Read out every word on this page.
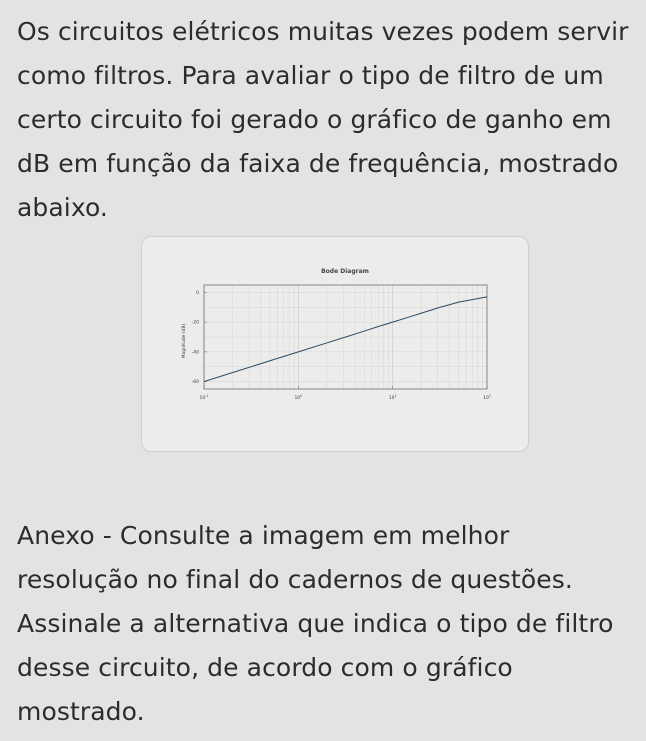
Os circuitos elétricos muitas vezes podem servir
como filtros. Para avaliar o tipo de filtro de um
certo circuito foi gerado o gráfico de ganho em
dB em função da faixa de frequência, mostrado
abaixo.

Bode Diagram
Magnitude (dB)
0
-20
-40
-60
$10^{-1}$	$10^0$	$10^1$	$10^2$

Anexo - Consulte a imagem em melhor
resolução no final do cadernos de questões.
Assinale a alternativa que indica o tipo de filtro
desse circuito, de acordo com o gráfico
mostrado.
